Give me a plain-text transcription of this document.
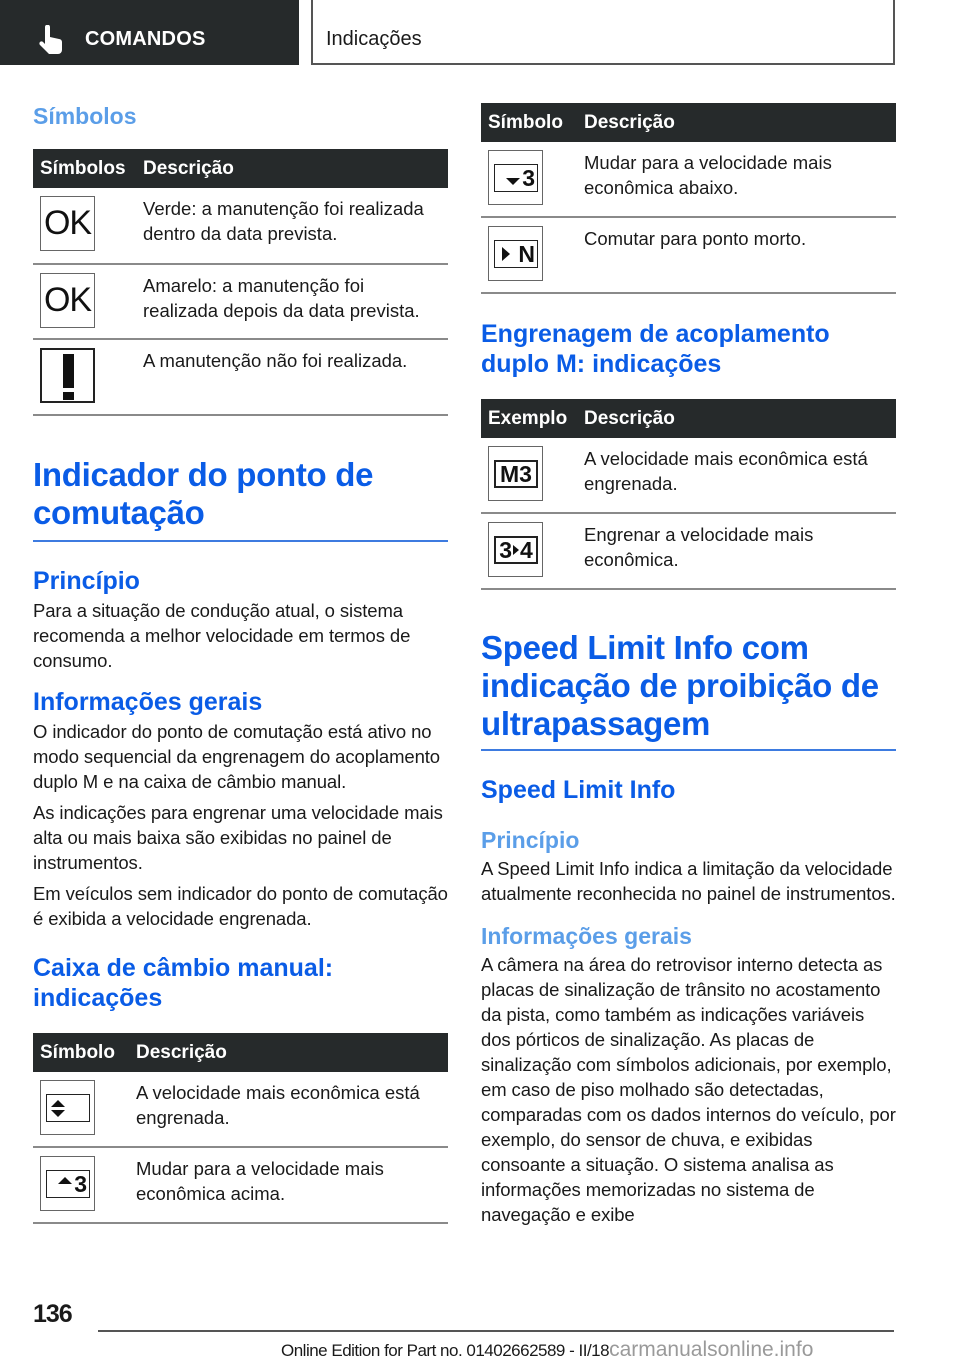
COMANDOS	Indicações
Símbolos
Símbolos	Descrição

OK	Verde: a manutenção foi realizada dentro da data prevista.

OK	Amarelo: a manutenção foi realizada depois da data prevista.

	A manutenção não foi realizada.
Indicador do ponto de comutação
Princípio
Para a situação de condução atual, o sistema recomenda a melhor velocidade em termos de consumo.
Informações gerais
O indicador do ponto de comutação está ativo no modo sequencial da engrenagem do acoplamento duplo M e na caixa de câmbio manual.
As indicações para engrenar uma velocidade mais alta ou mais baixa são exibidas no painel de instrumentos.
Em veículos sem indicador do ponto de comutação é exibida a velocidade engrenada.
Caixa de câmbio manual: indicações
Símbolo	Descrição

	A velocidade mais econômica está engrenada.

3	Mudar para a velocidade mais econômica acima.
Símbolo	Descrição

3	Mudar para a velocidade mais econômica abaixo.

N	Comutar para ponto morto.
Engrenagem de acoplamento duplo M: indicações
Exemplo	Descrição

M3	A velocidade mais econômica está engrenada.

3 4	Engrenar a velocidade mais econômica.
Speed Limit Info com indicação de proibição de ultrapassagem
Speed Limit Info
Princípio
A Speed Limit Info indica a limitação da velocidade atualmente reconhecida no painel de instrumentos.
Informações gerais
A câmera na área do retrovisor interno detecta as placas de sinalização de trânsito no acostamento da pista, como também as indicações variáveis dos pórticos de sinalização. As placas de sinalização com símbolos adicionais, por exemplo, em caso de piso molhado são detectadas, comparadas com os dados internos do veículo, por exemplo, do sensor de chuva, e exibidas consoante a situação. O sistema analisa as informações memorizadas no sistema de navegação e exibe
136
Online Edition for Part no. 01402662589 - II/18carmanualsonline.info
